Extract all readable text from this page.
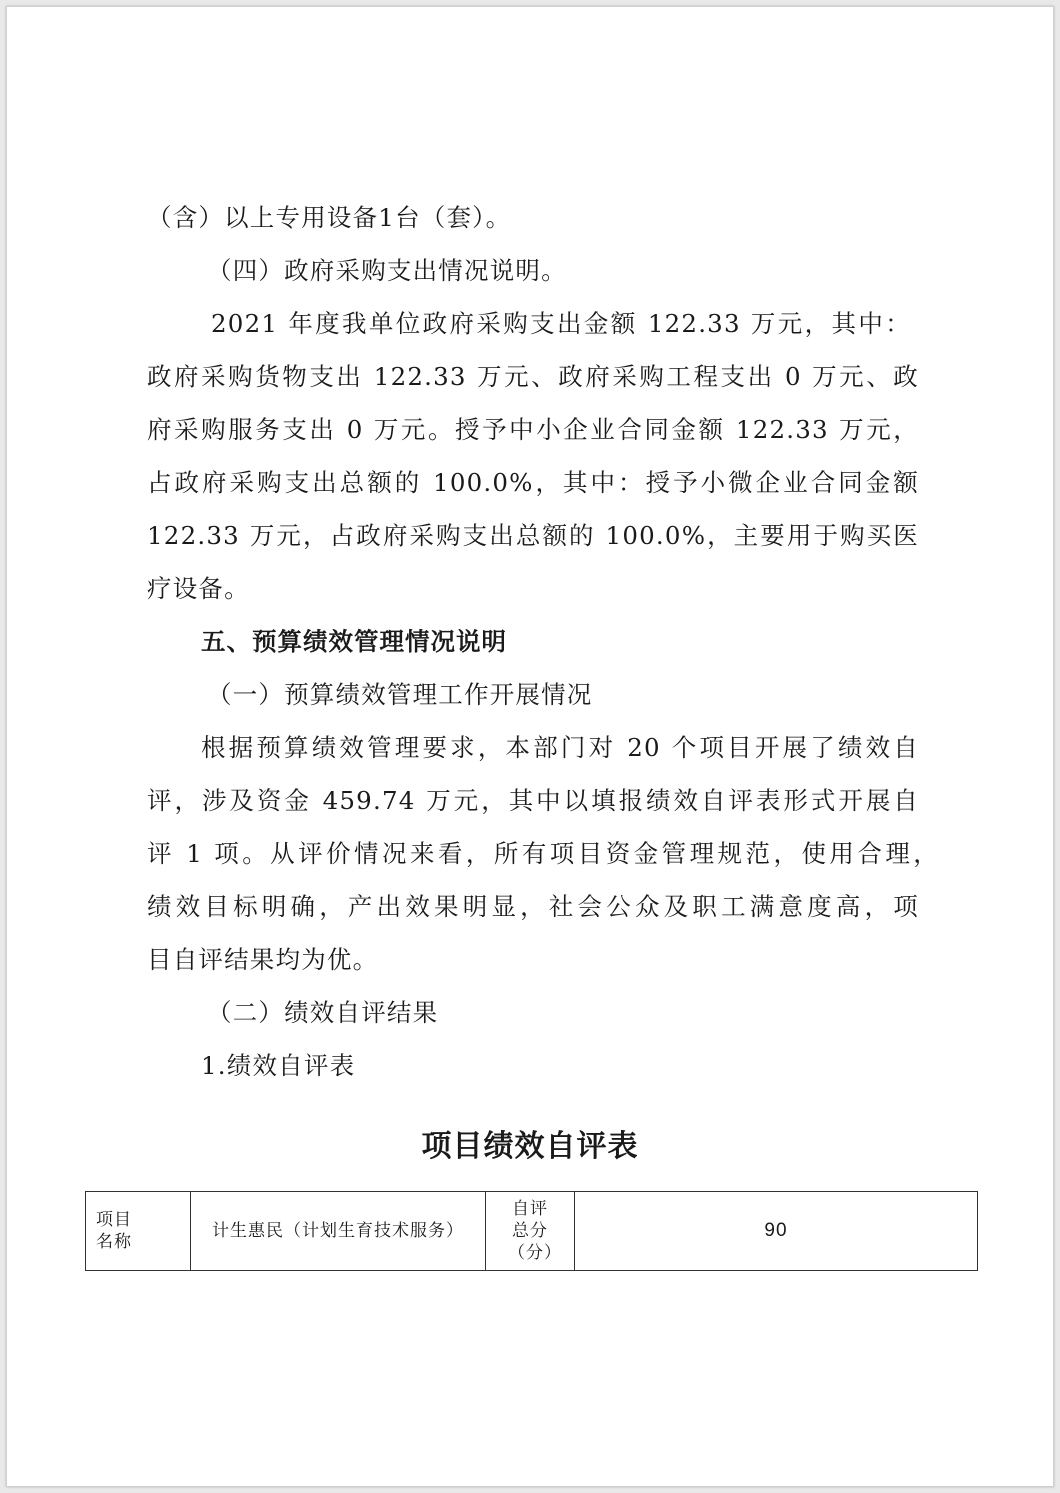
（含）以上专用设备1台（套）。
（四）政府采购支出情况说明。
2021 年度我单位政府采购支出金额 122.33 万元，其中：
政府采购货物支出 122.33 万元、政府采购工程支出 0 万元、政
府采购服务支出 0 万元。授予中小企业合同金额 122.33 万元，
占政府采购支出总额的 100.0%，其中：授予小微企业合同金额
122.33 万元，占政府采购支出总额的 100.0%，主要用于购买医
疗设备。
五、预算绩效管理情况说明
（一）预算绩效管理工作开展情况
根据预算绩效管理要求，本部门对 20 个项目开展了绩效自
评，涉及资金 459.74 万元，其中以填报绩效自评表形式开展自
评 1 项。从评价情况来看，所有项目资金管理规范，使用合理，
绩效目标明确，产出效果明显，社会公众及职工满意度高，项
目自评结果均为优。
（二）绩效自评结果
1.绩效自评表
项目绩效自评表
项目名称	计生惠民（计划生育技术服务）	自评总分（分）	90
